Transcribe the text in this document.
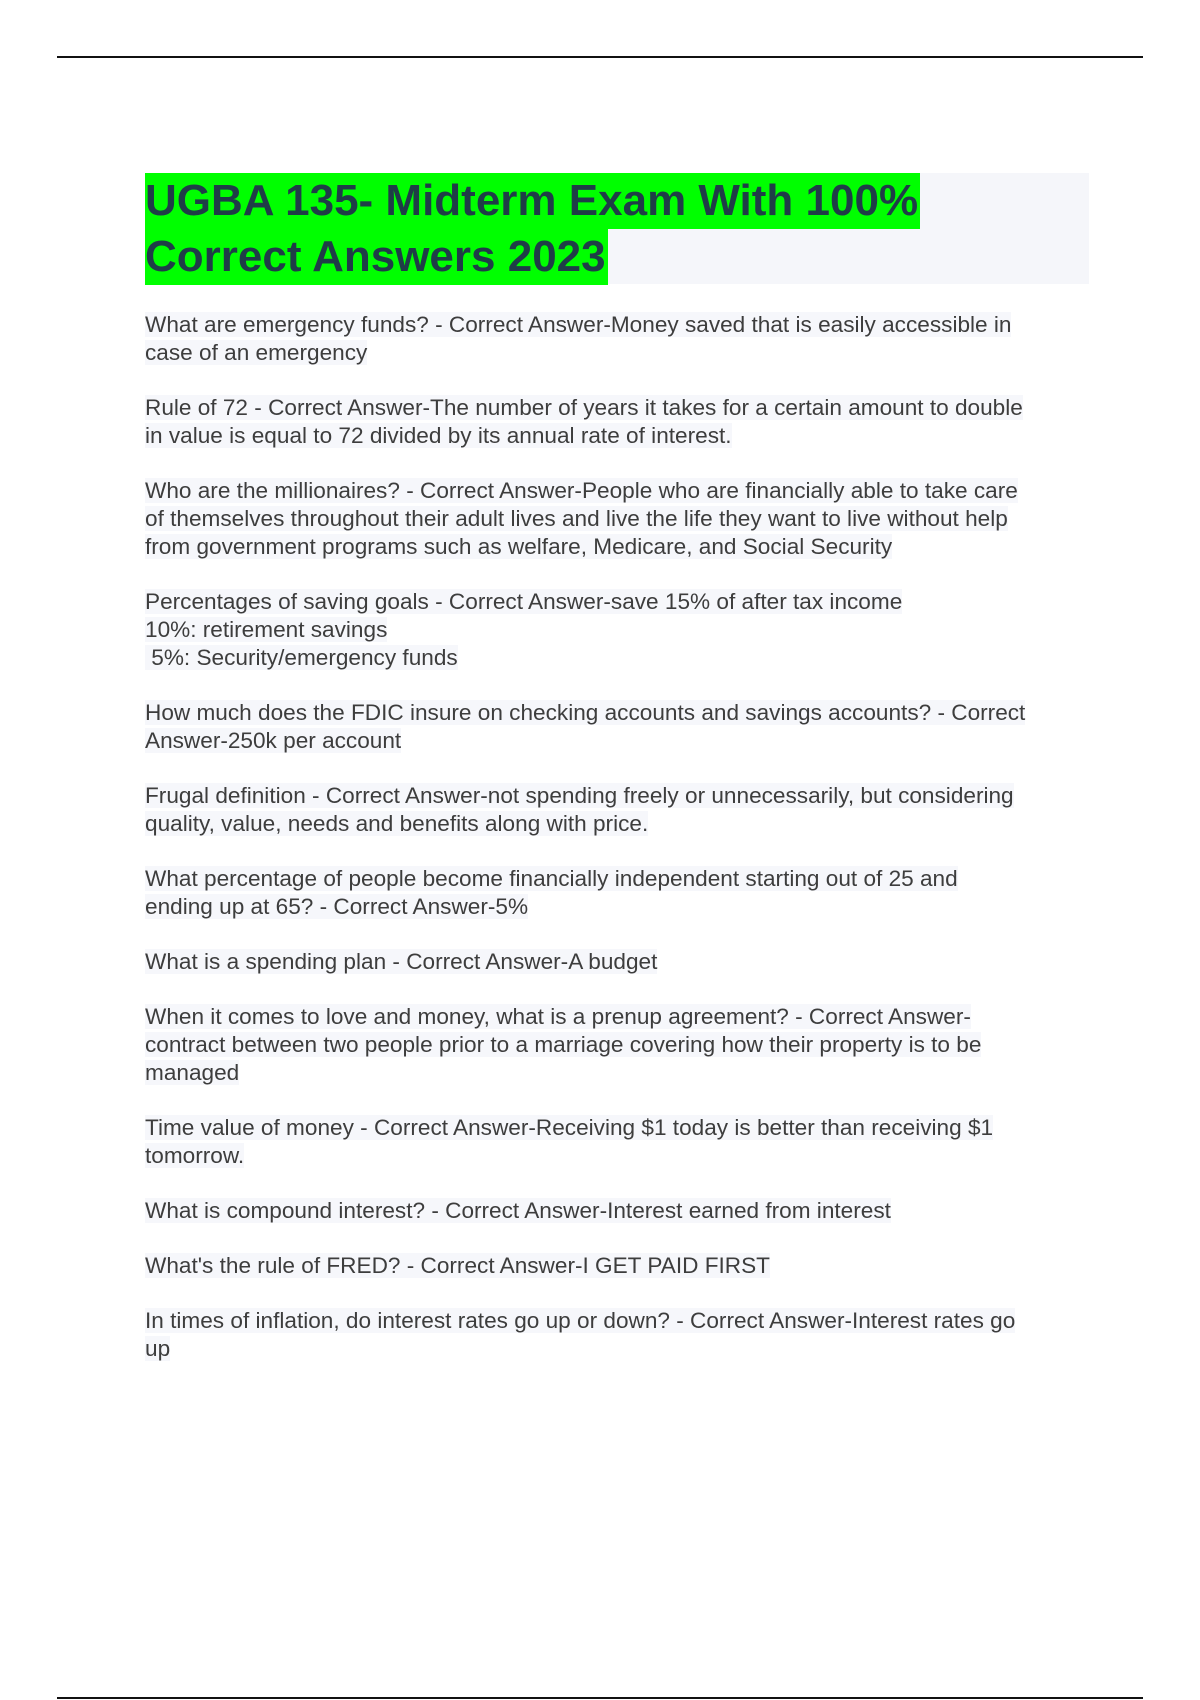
UGBA 135- Midterm Exam With 100%
Correct Answers 2023

What are emergency funds? - Correct Answer-Money saved that is easily accessible in
case of an emergency

Rule of 72 - Correct Answer-The number of years it takes for a certain amount to double
in value is equal to 72 divided by its annual rate of interest.

Who are the millionaires? - Correct Answer-People who are financially able to take care
of themselves throughout their adult lives and live the life they want to live without help
from government programs such as welfare, Medicare, and Social Security

Percentages of saving goals - Correct Answer-save 15% of after tax income
10%: retirement savings
5%: Security/emergency funds

How much does the FDIC insure on checking accounts and savings accounts? - Correct
Answer-250k per account

Frugal definition - Correct Answer-not spending freely or unnecessarily, but considering
quality, value, needs and benefits along with price.

What percentage of people become financially independent starting out of 25 and
ending up at 65? - Correct Answer-5%

What is a spending plan - Correct Answer-A budget

When it comes to love and money, what is a prenup agreement? - Correct Answer-
contract between two people prior to a marriage covering how their property is to be
managed

Time value of money - Correct Answer-Receiving $1 today is better than receiving $1
tomorrow.

What is compound interest? - Correct Answer-Interest earned from interest

What's the rule of FRED? - Correct Answer-I GET PAID FIRST

In times of inflation, do interest rates go up or down? - Correct Answer-Interest rates go
up
